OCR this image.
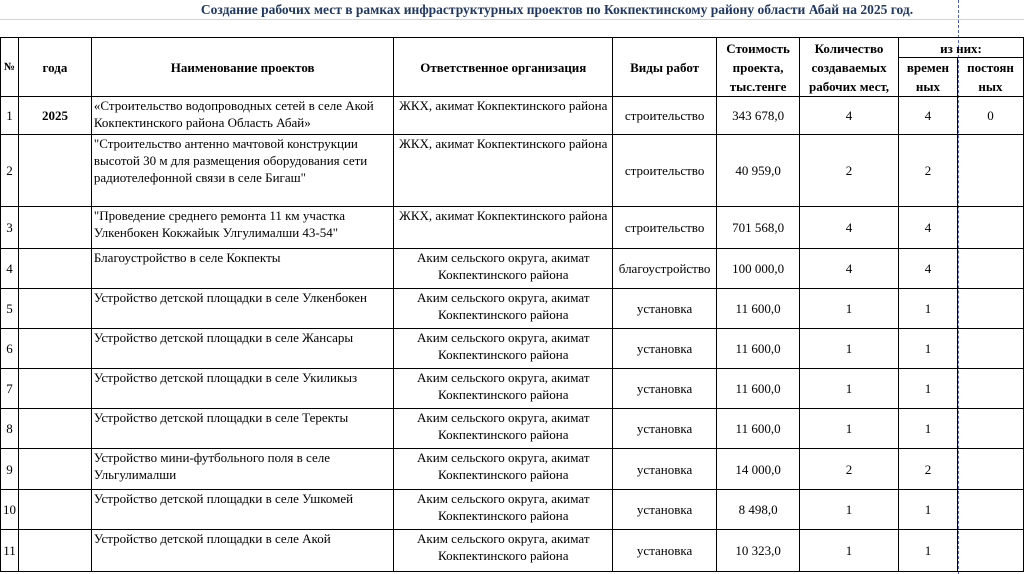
Создание рабочих мест в рамках инфраструктурных проектов по Кокпектинскому району области Абай на 2025 год.
№	года	Наименование проектов	Ответственное организация	Виды работ	Стоимость проекта, тыс.тенге	Количество создаваемых рабочих мест,	из них:	
							времен ных	постоян ных
1	2025	«Строительство водопроводных сетей в селе Акой Кокпектинского района Область Абай»	ЖКХ, акимат Кокпектинского района	строительство	343 678,0	4	4	0
2		"Строительство антенно мачтовой конструкции высотой 30 м для размещения оборудования сети радиотелефонной связи в селе Бигаш"	ЖКХ, акимат Кокпектинского района	строительство	40 959,0	2	2	
3		"Проведение среднего ремонта 11 км участка Улкенбокен Кокжайык Улгулималши 43-54"	ЖКХ, акимат Кокпектинского района	строительство	701 568,0	4	4	
4		Благоустройство в селе Кокпекты	Аким сельского округа, акимат Кокпектинского района	благоустройство	100 000,0	4	4	
5		Устройство детской площадки в селе Улкенбокен	Аким сельского округа, акимат Кокпектинского района	установка	11 600,0	1	1	
6		Устройство детской площадки в селе Жансары	Аким сельского округа, акимат Кокпектинского района	установка	11 600,0	1	1	
7		Устройство детской площадки в селе Укиликыз	Аким сельского округа, акимат Кокпектинского района	установка	11 600,0	1	1	
8		Устройство детской площадки в селе Теректы	Аким сельского округа, акимат Кокпектинского района	установка	11 600,0	1	1	
9		Устройство мини-футбольного поля в селе Ульгулималши	Аким сельского округа, акимат Кокпектинского района	установка	14 000,0	2	2	
10		Устройство детской площадки в селе Ушкомей	Аким сельского округа, акимат Кокпектинского района	установка	8 498,0	1	1	
11		Устройство детской площадки в селе Акой	Аким сельского округа, акимат Кокпектинского района	установка	10 323,0	1	1	
